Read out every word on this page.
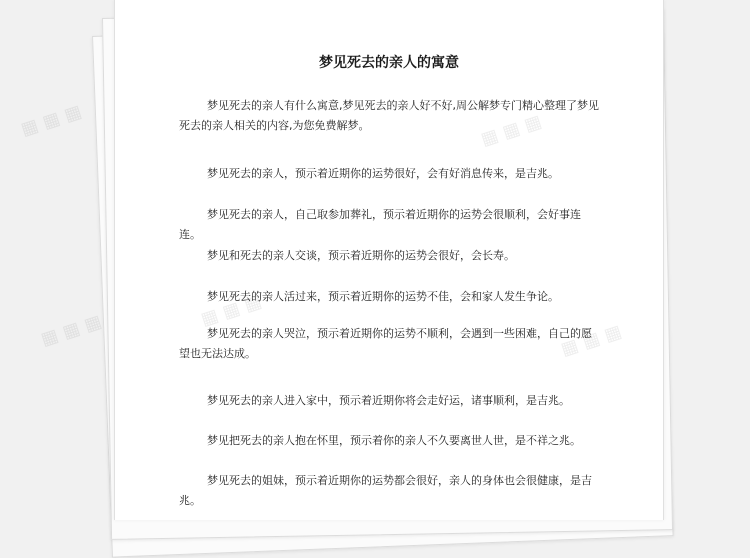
梦见死去的亲人的寓意

梦见死去的亲人有什么寓意,梦见死去的亲人好不好,周公解梦专门精心整理了梦见死去的亲人相关的内容,为您免费解梦。

梦见死去的亲人，预示着近期你的运势很好，会有好消息传来，是吉兆。

梦见死去的亲人，自己取参加葬礼，预示着近期你的运势会很顺利，会好事连连。

梦见和死去的亲人交谈，预示着近期你的运势会很好，会长寿。

梦见死去的亲人活过来，预示着近期你的运势不佳，会和家人发生争论。

梦见死去的亲人哭泣，预示着近期你的运势不顺利，会遇到一些困难，自己的愿望也无法达成。

梦见死去的亲人进入家中，预示着近期你将会走好运，诸事顺利，是吉兆。

梦见把死去的亲人抱在怀里，预示着你的亲人不久要离世人世，是不祥之兆。

梦见死去的姐妹，预示着近期你的运势都会很好，亲人的身体也会很健康，是吉兆。

▦ ▦ ▦
▦ ▦ ▦
